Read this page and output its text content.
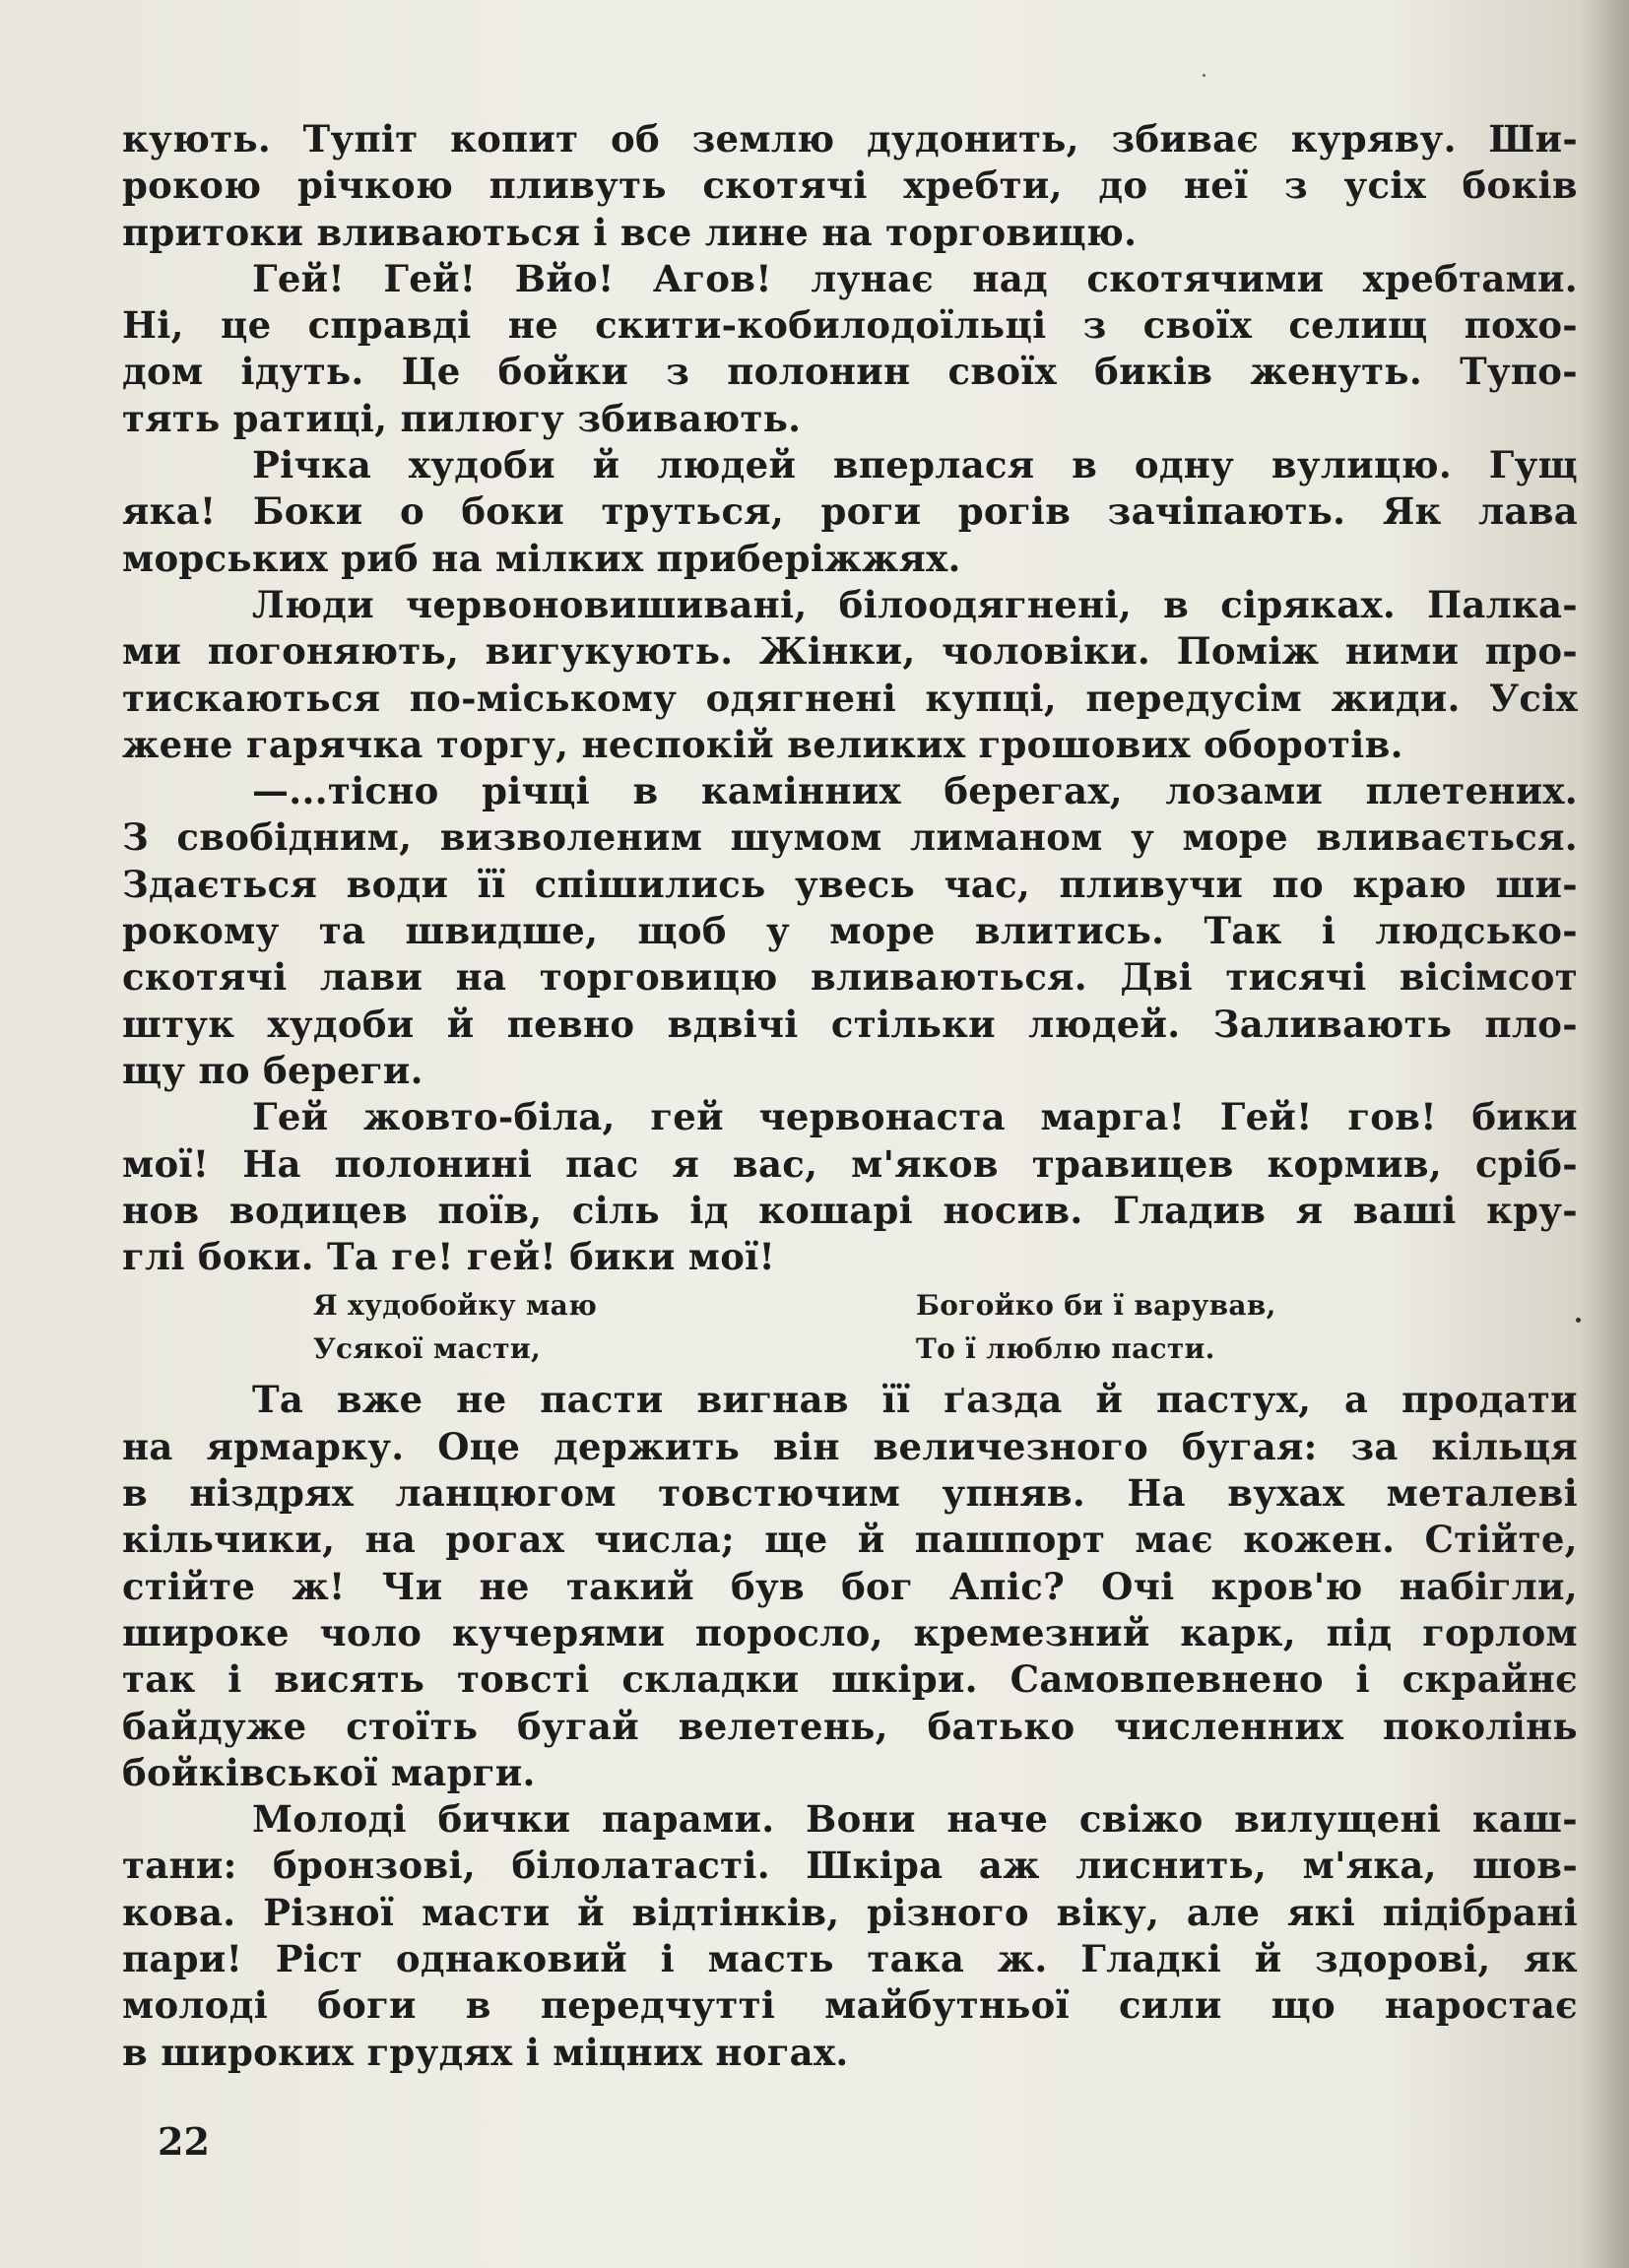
кують. Тупіт копит об землю дудонить, збиває куряву. Ши-
рокою річкою пливуть скотячі хребти, до неї з усіх боків
притоки вливаються і все лине на торговицю.
Гей! Гей! Вйо! Агов! лунає над скотячими хребтами.
Ні, це справді не скити-кобилодоїльці з своїх селищ похо-
дом ідуть. Це бойки з полонин своїх биків женуть. Тупо-
тять ратиці, пилюгу збивають.
Річка худоби й людей вперлася в одну вулицю. Гущ
яка! Боки о боки труться, роги рогів зачіпають. Як лава
морських риб на мілких приберіжжях.
Люди червоновишивані, білоодягнені, в сіряках. Палка-
ми погоняють, вигукують. Жінки, чоловіки. Поміж ними про-
тискаються по-міському одягнені купці, передусім жиди. Усіх
жене гарячка торгу, неспокій великих грошових оборотів.
—...тісно річці в камінних берегах, лозами плетених.
З свобідним, визволеним шумом лиманом у море вливається.
Здається води її спішились увесь час, пливучи по краю ши-
рокому та швидше, щоб у море влитись. Так і людсько-
скотячі лави на торговицю вливаються. Дві тисячі вісімсот
штук худоби й певно вдвічі стільки людей. Заливають пло-
щу по береги.
Гей жовто-біла, гей червонаста марга! Гей! гов! бики
мої! На полонині пас я вас, м'яков травицев кормив, сріб-
нов водицев поїв, сіль ід кошарі носив. Гладив я ваші кру-
глі боки. Та ге! гей! бики мої!
Я худобойку маю
Усякої масти,
Богойко би ї варував,
То ї люблю пасти.
Та вже не пасти вигнав її ґазда й пастух, а продати
на ярмарку. Оце держить він величезного бугая: за кільця
в ніздрях ланцюгом товстючим упняв. На вухах металеві
кільчики, на рогах числа; ще й пашпорт має кожен. Стійте,
стійте ж! Чи не такий був бог Апіс? Очі кров'ю набігли,
широке чоло кучерями поросло, кремезний карк, під горлом
так і висять товсті складки шкіри. Самовпевнено і скрайнє
байдуже стоїть бугай велетень, батько численних поколінь
бойківської марги.
Молоді бички парами. Вони наче свіжо вилущені каш-
тани: бронзові, білолатасті. Шкіра аж лиснить, м'яка, шов-
кова. Різної масти й відтінків, різного віку, але які підібрані
пари! Ріст однаковий і масть така ж. Гладкі й здорові, як
молоді боги в передчутті майбутньої сили що наростає
в широких грудях і міцних ногах.
22
